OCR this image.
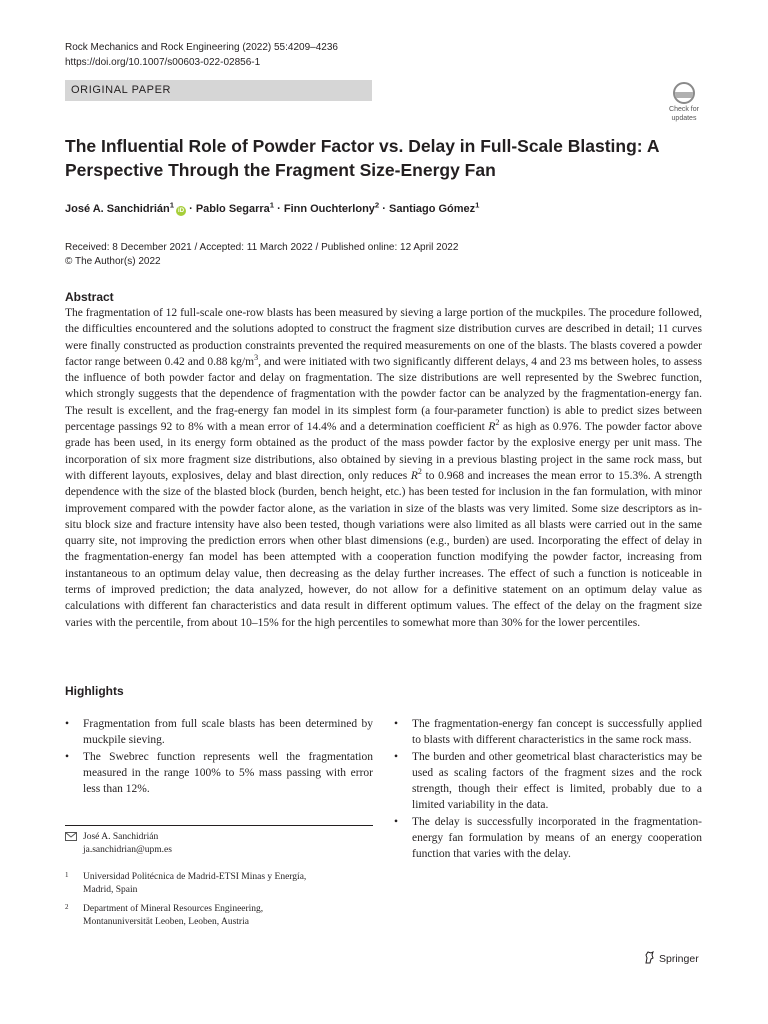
Rock Mechanics and Rock Engineering (2022) 55:4209–4236
https://doi.org/10.1007/s00603-022-02856-1
ORIGINAL PAPER
Check for
updates
The Influential Role of Powder Factor vs. Delay in Full-Scale Blasting: A Perspective Through the Fragment Size-Energy Fan
José A. Sanchidrián$^1$iD · Pablo Segarra$^1$ · Finn Ouchterlony$^2$ · Santiago Gómez$^1$
Received: 8 December 2021 / Accepted: 11 March 2022 / Published online: 12 April 2022
© The Author(s) 2022
Abstract
The fragmentation of 12 full-scale one-row blasts has been measured by sieving a large portion of the muckpiles. The procedure followed, the difficulties encountered and the solutions adopted to construct the fragment size distribution curves are described in detail; 11 curves were finally constructed as production constraints prevented the required measurements on one of the blasts. The blasts covered a powder factor range between 0.42 and 0.88 $kg/m^3$, and were initiated with two significantly different delays, 4 and 23 ms between holes, to assess the influence of both powder factor and delay on fragmentation. The size distributions are well represented by the Swebrec function, which strongly suggests that the dependence of fragmentation with the powder factor can be analyzed by the fragmentation-energy fan. The result is excellent, and the frag-energy fan model in its simplest form (a four-parameter function) is able to predict sizes between percentage passings 92 to 8% with a mean error of 14.4% and a determination coefficient $R^2$ as high as 0.976. The powder factor above grade has been used, in its energy form obtained as the product of the mass powder factor by the explosive energy per unit mass. The incorporation of six more fragment size distributions, also obtained by sieving in a previous blasting project in the same rock mass, but with different layouts, explosives, delay and blast direction, only reduces $R^2$ to 0.968 and increases the mean error to 15.3%. A strength dependence with the size of the blasted block (burden, bench height, etc.) has been tested for inclusion in the fan formulation, with minor improvement compared with the powder factor alone, as the variation in size of the blasts was very limited. Some size descriptors as in-situ block size and fracture intensity have also been tested, though variations were also limited as all blasts were carried out in the same quarry site, not improving the prediction errors when other blast dimensions (e.g., burden) are used. Incorporating the effect of delay in the fragmentation-energy fan model has been attempted with a cooperation function modifying the powder factor, increasing from instantaneous to an optimum delay value, then decreasing as the delay further increases. The effect of such a function is noticeable in terms of improved prediction; the data analyzed, however, do not allow for a definitive statement on an optimum delay value as calculations with different fan characteristics and data result in different optimum values. The effect of the delay on the fragment size varies with the percentile, from about 10–15% for the high percentiles to somewhat more than 30% for the lower percentiles.
Highlights
• Fragmentation from full scale blasts has been determined by muckpile sieving.
• The Swebrec function represents well the fragmentation measured in the range 100% to 5% mass passing with error less than 12%.
• The fragmentation-energy fan concept is successfully applied to blasts with different characteristics in the same rock mass.
• The burden and other geometrical blast characteristics may be used as scaling factors of the fragment sizes and the rock strength, though their effect is limited, probably due to a limited variability in the data.
• The delay is successfully incorporated in the fragmentation-energy fan formulation by means of an energy cooperation function that varies with the delay.
José A. Sanchidrián
ja.sanchidrian@upm.es
1 Universidad Politécnica de Madrid-ETSI Minas y Energía,
Madrid, Spain
2 Department of Mineral Resources Engineering,
Montanuniversität Leoben, Leoben, Austria
Springer
